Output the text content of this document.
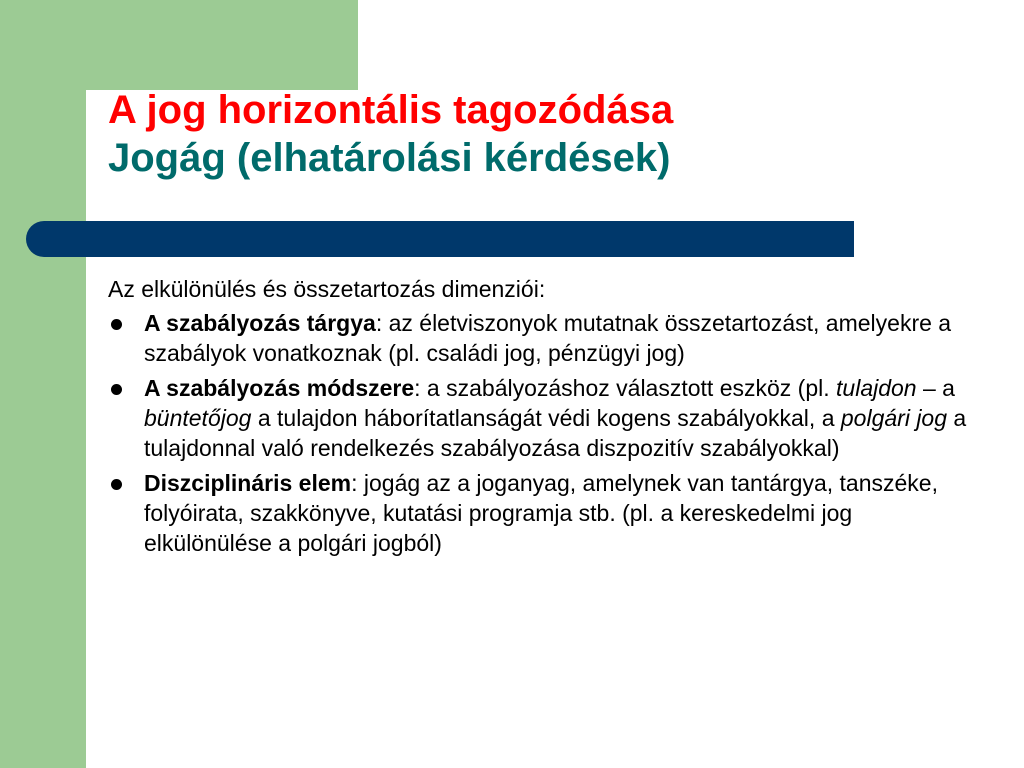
A jog horizontális tagozódása
Jogág (elhatárolási kérdések)

Az elkülönülés és összetartozás dimenziói:

A szabályozás tárgya: az életviszonyok mutatnak összetartozást, amelyekre a szabályok vonatkoznak (pl. családi jog, pénzügyi jog)
A szabályozás módszere: a szabályozáshoz választott eszköz (pl. tulajdon – a büntetőjog a tulajdon háborítatlanságát védi kogens szabályokkal, a polgári jog a tulajdonnal való rendelkezés szabályozása diszpozitív szabályokkal)
Diszciplináris elem: jogág az a joganyag, amelynek van tantárgya, tanszéke, folyóirata, szakkönyve, kutatási programja stb. (pl. a kereskedelmi jog elkülönülése a polgári jogból)
